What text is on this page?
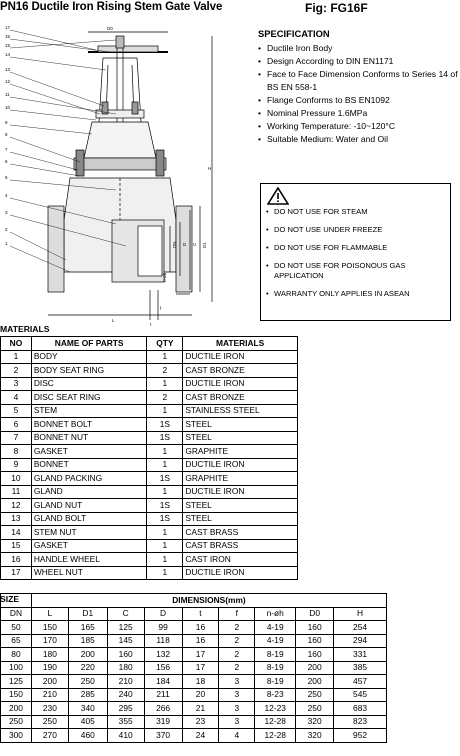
PN16 Ductile Iron Rising Stem Gate Valve	Fig: FG16F
17
16
15
14
13
12
11
10
9
8
7
6
5
4
3
2
1
D0
H
L
f
t
n-øh
DN D C D1
SPECIFICATION
• Ductile Iron Body
• Design According to DIN EN1171
• Face to Face Dimension Conforms to Series 14 of BS EN 558-1
• Flange Conforms to BS EN1092
• Nominal Pressure 1.6MPa
• Working Temperature: -10~120°C
• Suitable Medium: Water and Oil
• DO NOT USE FOR STEAM
• DO NOT USE UNDER FREEZE
• DO NOT USE FOR FLAMMABLE
• DO NOT USE FOR POISONOUS GAS APPLICATION
• WARRANTY ONLY APPLIES IN ASEAN
MATERIALS
NO	NAME OF PARTS	QTY	MATERIALS
1	BODY	1	DUCTILE IRON
2	BODY SEAT RING	2	CAST BRONZE
3	DISC	1	DUCTILE IRON
4	DISC SEAT RING	2	CAST BRONZE
5	STEM	1	STAINLESS STEEL
6	BONNET BOLT	1S	STEEL
7	BONNET NUT	1S	STEEL
8	GASKET	1	GRAPHITE
9	BONNET	1	DUCTILE IRON
10	GLAND PACKING	1S	GRAPHITE
11	GLAND	1	DUCTILE IRON
12	GLAND NUT	1S	STEEL
13	GLAND BOLT	1S	STEEL
14	STEM NUT	1	CAST BRASS
15	GASKET	1	CAST BRASS
16	HANDLE WHEEL	1	CAST IRON
17	WHEEL NUT	1	DUCTILE IRON
SIZE
		DIMENSIONS(mm)								
DN	L	D1	C	D	t	f	n-øh	D0	H
50	150	165	125	99	16	2	4-19	160	254
65	170	185	145	118	16	2	4-19	160	294
80	180	200	160	132	17	2	8-19	160	331
100	190	220	180	156	17	2	8-19	200	385
125	200	250	210	184	18	3	8-19	200	457
150	210	285	240	211	20	3	8-23	250	545
200	230	340	295	266	21	3	12-23	250	683
250	250	405	355	319	23	3	12-28	320	823
300	270	460	410	370	24	4	12-28	320	952
